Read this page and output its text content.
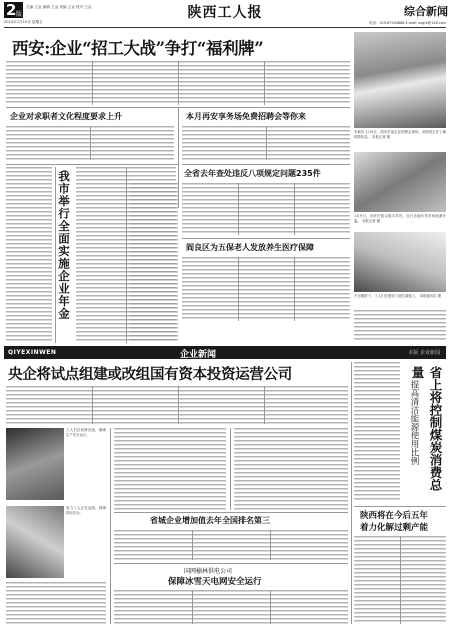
2 版
主编 王金 编辑 王金 美编 王金 校对 王金
2014年1月10日 星期五
陕西工人报	综合新闻
电话：029-87244888 E-mail: sxgrb@126.com
西安:企业“招工大战”争打“福利牌”
本报讯 1月9日，西安市某企业招聘会现场，求职者正在了解招聘信息。 本报记者 摄
企业对求职者文化程度要求上升	本月再安享务场免费招聘会等你来
我市举行全面实施企业年金	全省去年查处违反八项规定问题235件
1月9日，市民在街头购买年货。近日各地年货市场逐渐升温。 本报记者 摄
冬日暖阳下，工人们在建设工地忙碌施工。 本报通讯员 摄
阎良区为五保老人发放养生医疗保障
QIYEXINWEN	企业新闻	本版 企业新闻
央企将试点组建或改组国有资本投资运营公司
工人们在检修设备，确保生产安全运行。
电力工人正在巡线，保障供电安全。
省城企业增加值去年全国排名第三
国网榆林供电公司
保障冰雪天电网安全运行
省上将控制煤炭消费总量
提高清洁能源使用比例
陕西将在今后五年
着力化解过剩产能
